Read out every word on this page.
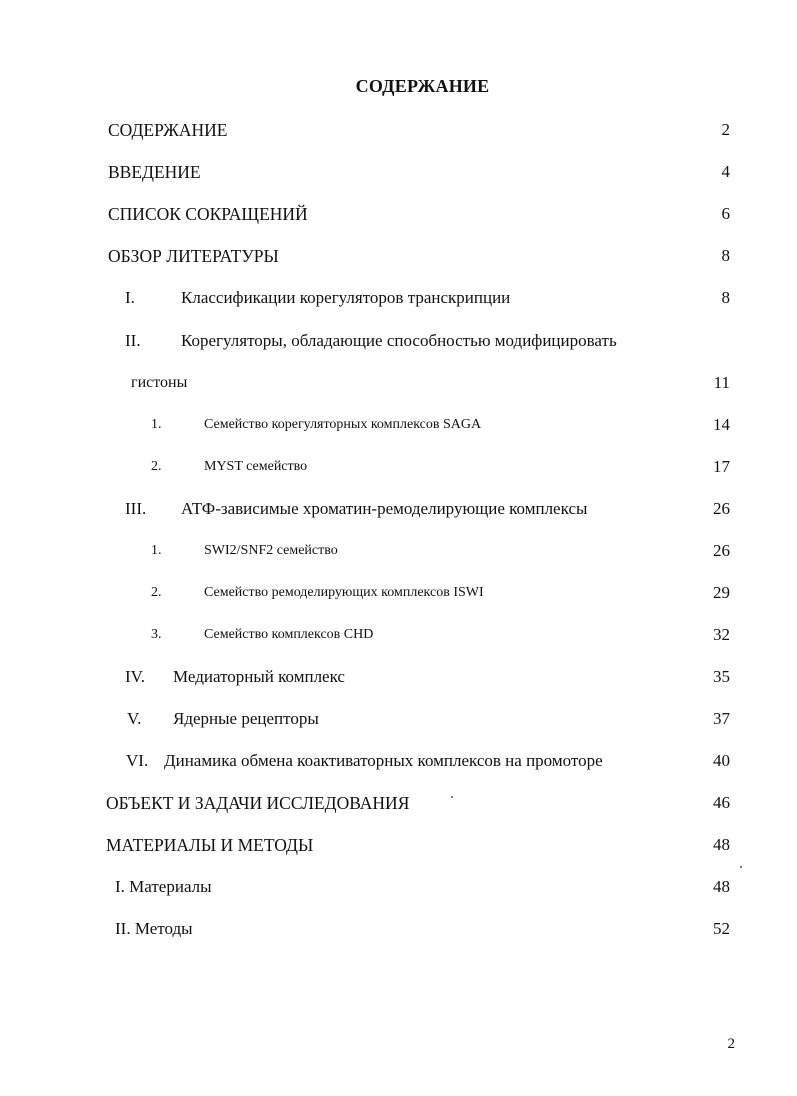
СОДЕРЖАНИЕ
СОДЕРЖАНИЕ	2
ВВЕДЕНИЕ	4
СПИСОК СОКРАЩЕНИЙ	6
ОБЗОР ЛИТЕРАТУРЫ	8
I.	Классификации корегуляторов транскрипции	8
II. Корегуляторы, обладающие способностью модифицировать
гистоны	11
1.	Семейство корегуляторных комплексов SAGA	14
2.	MYST семейство	17
III. АТФ-зависимые хроматин-ремоделирующие комплексы	26
1.	SWI2/SNF2 семейство	26
2.	Семейство ремоделирующих комплексов ISWI	29
3.	Семейство комплексов CHD	32
IV. Медиаторный комплекс	35
V. Ядерные рецепторы	37
VI. Динамика обмена коактиваторных комплексов на промоторе	40
ОБЪЕКТ И ЗАДАЧИ ИССЛЕДОВАНИЯ	46
МАТЕРИАЛЫ И МЕТОДЫ	48
I. Материалы	48
II. Методы	52
2
